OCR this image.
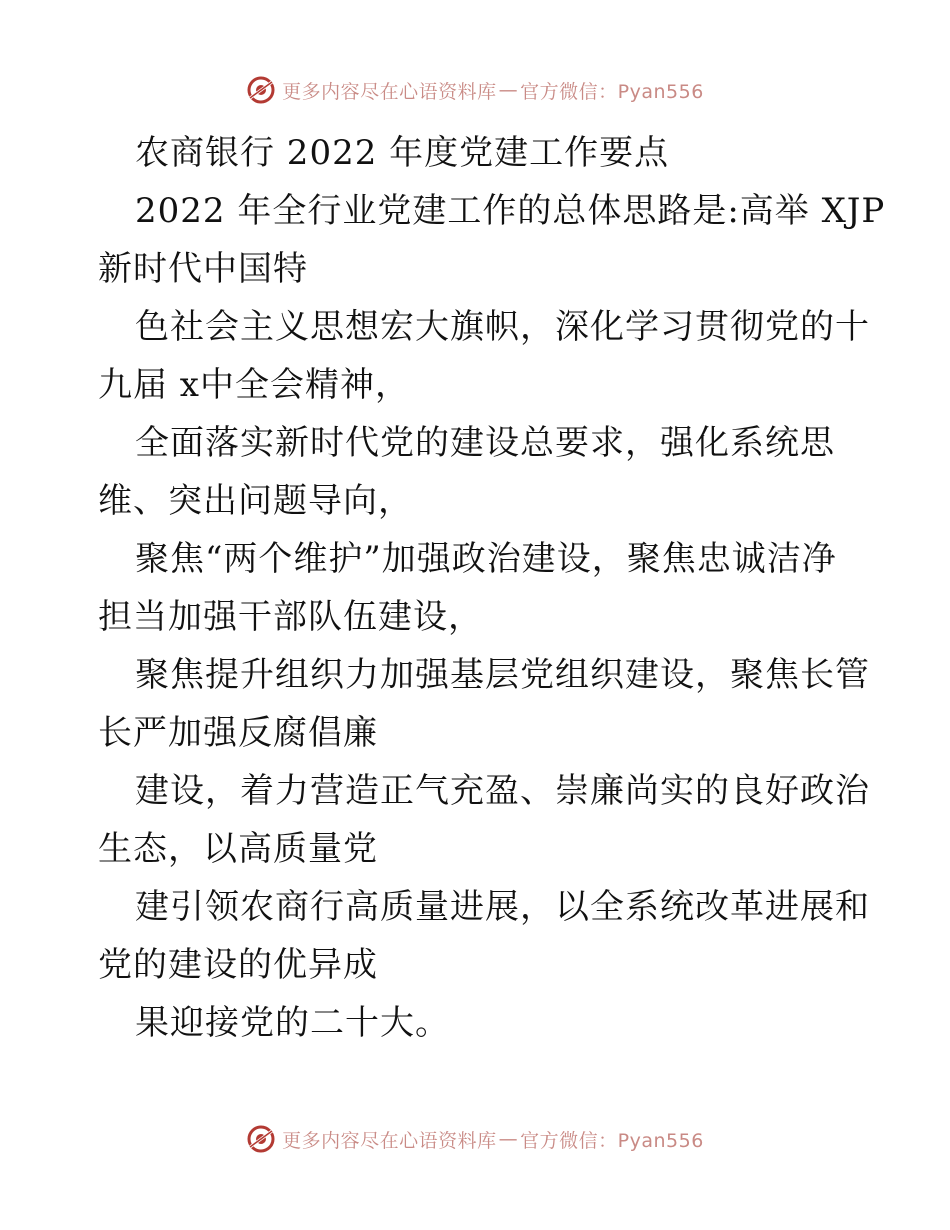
更多内容尽在心语资料库 — 官方微信：Pyan556
农商银行 2022 年度党建工作要点
2022 年全行业党建工作的总体思路是:高举 XJP
新时代中国特
色社会主义思想宏大旗帜，深化学习贯彻党的十
九届 x中全会精神，
全面落实新时代党的建设总要求，强化系统思
维、突出问题导向，
聚焦“两个维护”加强政治建设，聚焦忠诚洁净
担当加强干部队伍建设，
聚焦提升组织力加强基层党组织建设，聚焦长管
长严加强反腐倡廉
建设，着力营造正气充盈、崇廉尚实的良好政治
生态，以高质量党
建引领农商行高质量进展，以全系统改革进展和
党的建设的优异成
果迎接党的二十大。
更多内容尽在心语资料库 — 官方微信：Pyan556
